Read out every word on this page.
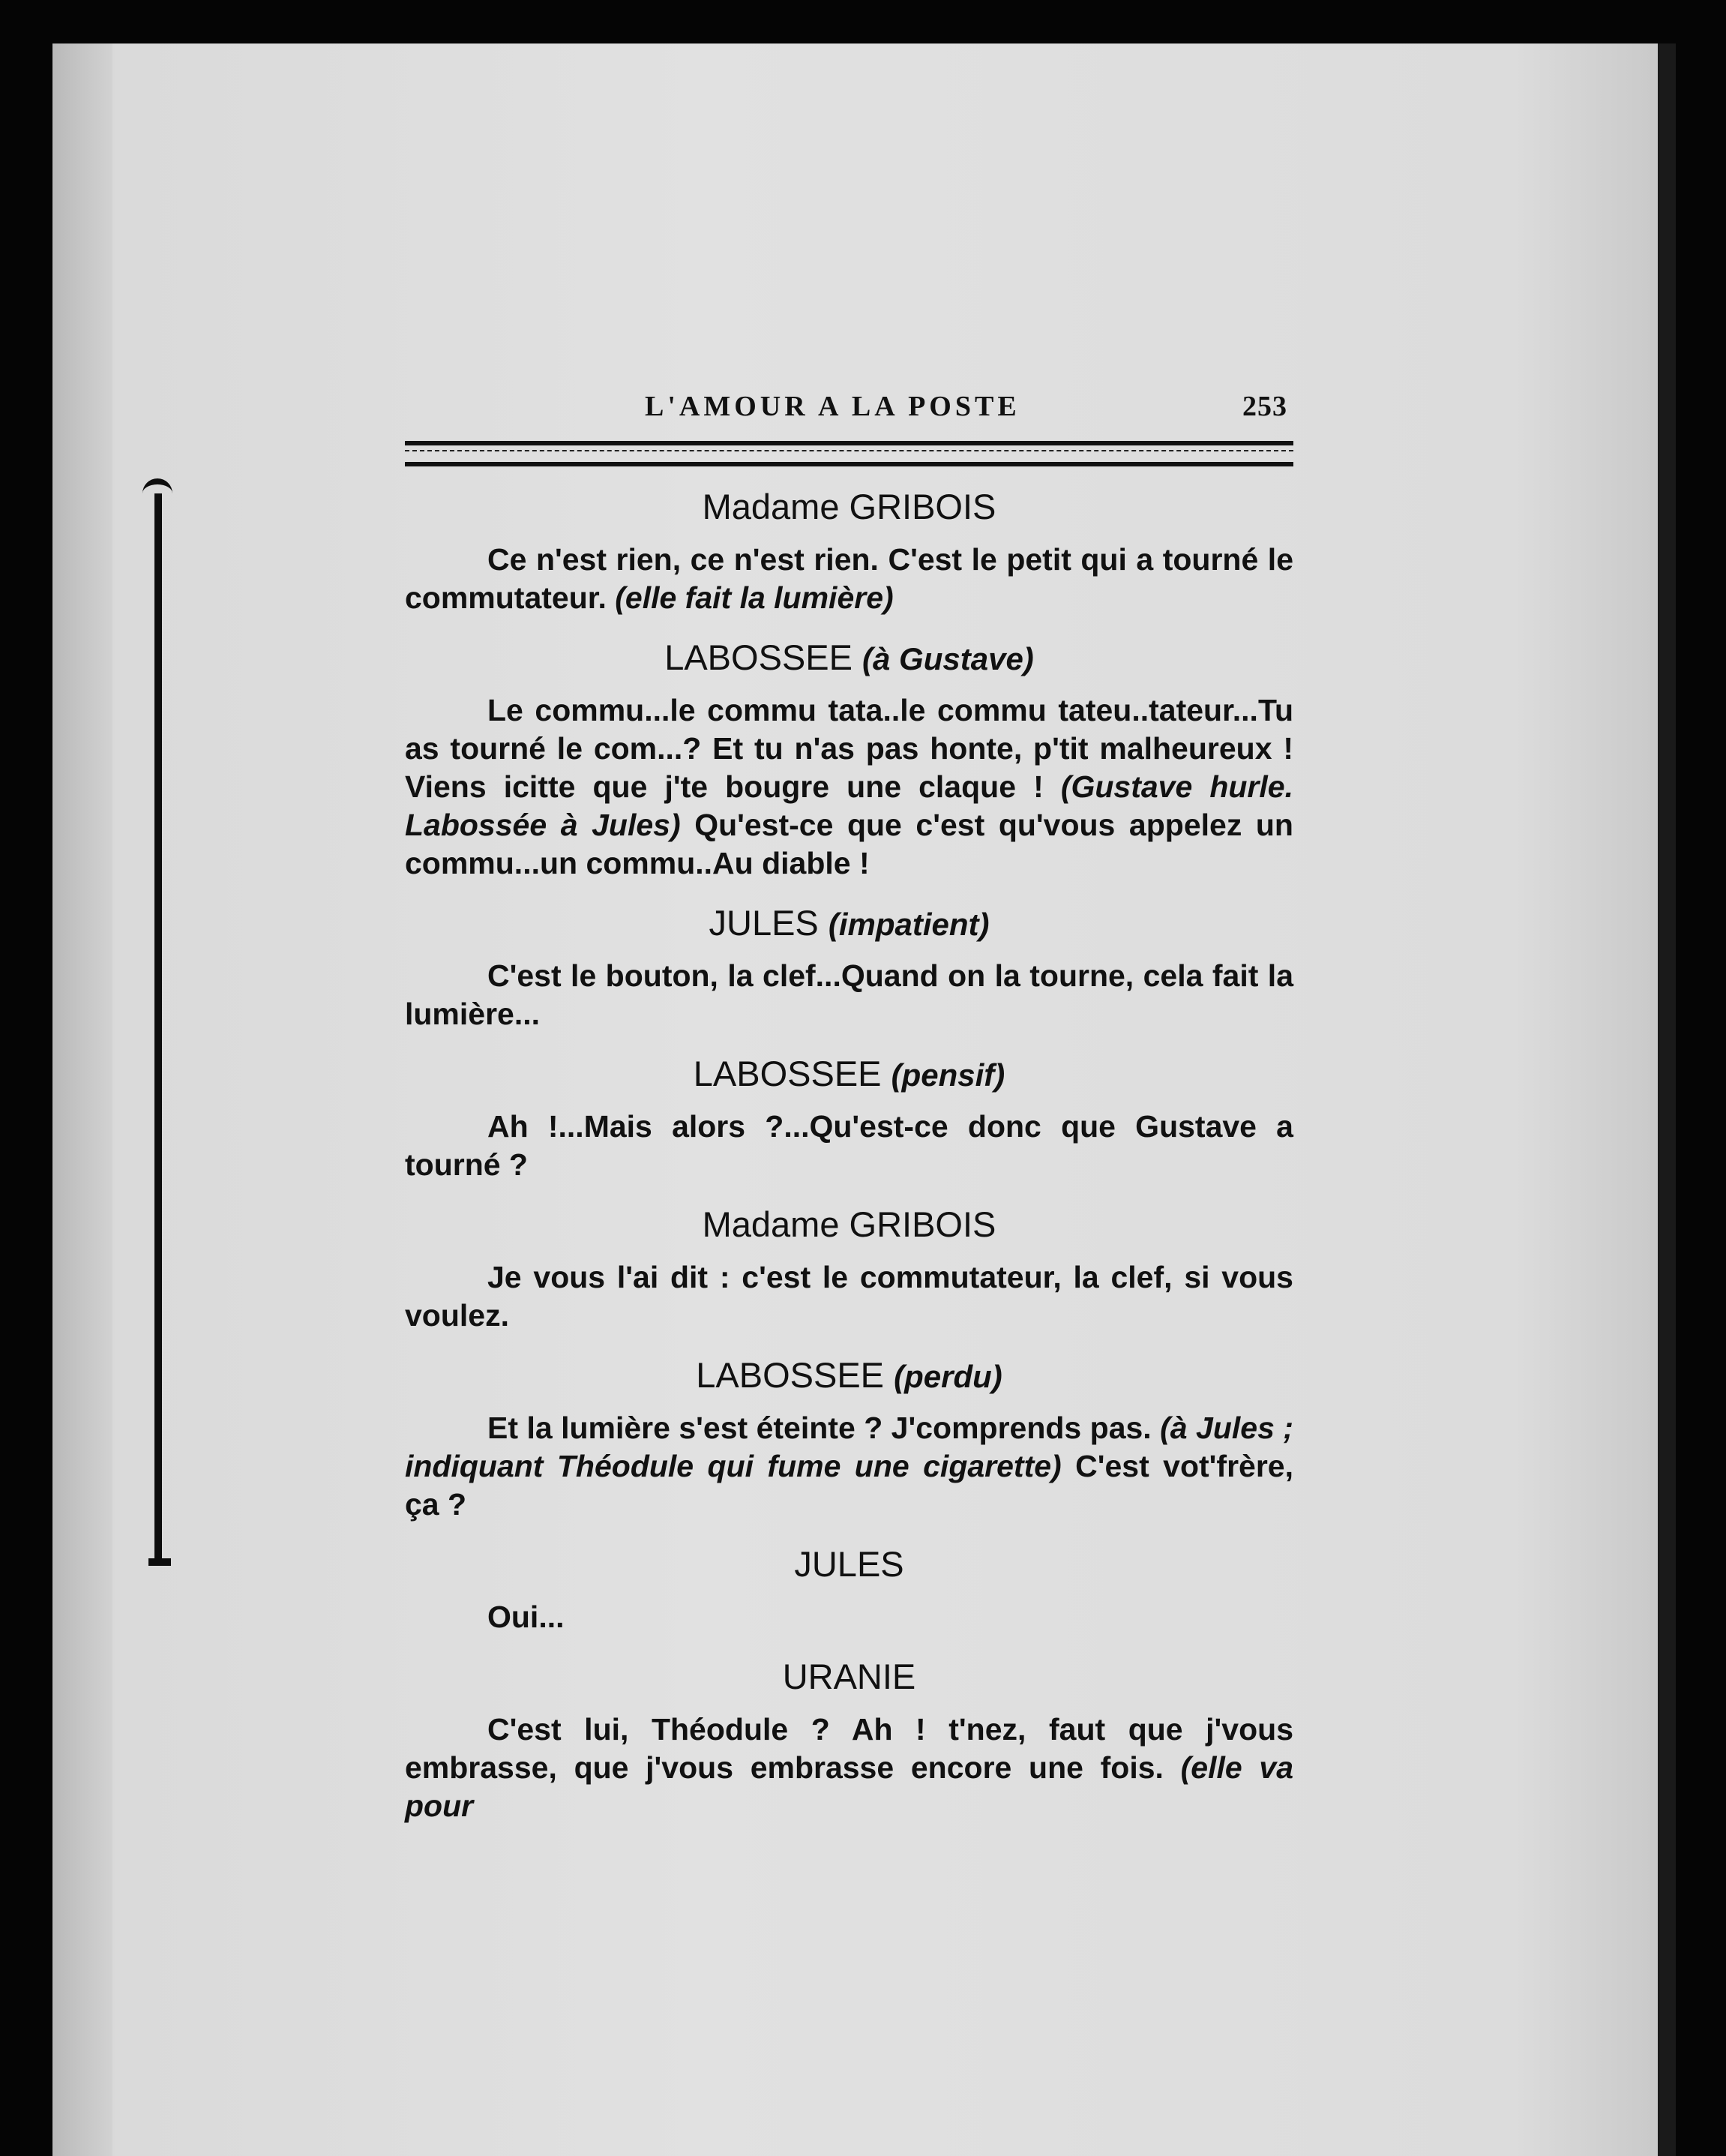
L'AMOUR A LA POSTE	253
Madame GRIBOIS

Ce n'est rien, ce n'est rien. C'est le petit qui a tourné le commutateur. (elle fait la lumière)

LABOSSEE (à Gustave)

Le commu...le commu tata..le commu tateu..tateur...Tu as tourné le com...? Et tu n'as pas honte, p'tit malheureux ! Viens icitte que j'te bougre une claque ! (Gustave hurle. Labossée à Jules) Qu'est-ce que c'est qu'vous appelez un commu...un commu..Au diable !

JULES (impatient)

C'est le bouton, la clef...Quand on la tourne, cela fait la lumière...

LABOSSEE (pensif)

Ah !...Mais alors ?...Qu'est-ce donc que Gustave a tourné ?

Madame GRIBOIS

Je vous l'ai dit : c'est le commutateur, la clef, si vous voulez.

LABOSSEE (perdu)

Et la lumière s'est éteinte ? J'comprends pas. (à Jules ; indiquant Théodule qui fume une cigarette) C'est vot'frère, ça ?

JULES

Oui...

URANIE

C'est lui, Théodule ? Ah ! t'nez, faut que j'vous embrasse, que j'vous embrasse encore une fois. (elle va pour
